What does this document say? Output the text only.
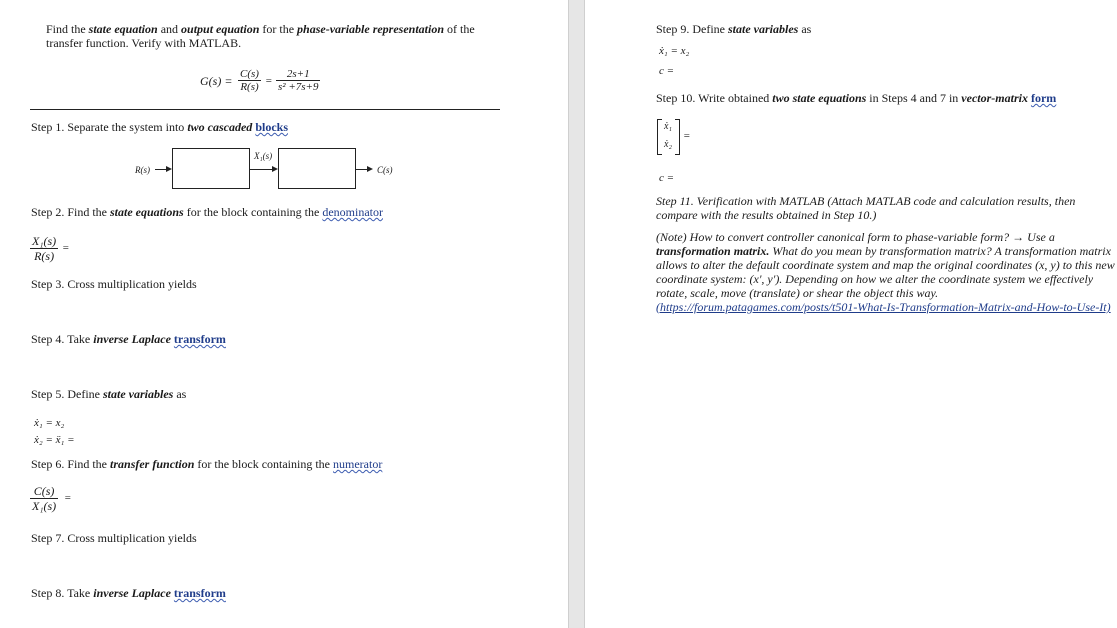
Find the state equation and output equation for the phase-variable representation of the
transfer function. Verify with MATLAB.
$G(s) = \frac{C(s)}{R(s)} = \frac{2s+1}{\text{s² +7s+9}}$
Step 1. Separate the system into two cascaded blocks
R(s)
X₁(s)
C(s)
Step 2. Find the state equations for the block containing the denominator
$\frac{\text{X₁(s)}}{R(s)}$ =
Step 3. Cross multiplication yields
Step 4. Take inverse Laplace transform
Step 5. Define state variables as
ẋ₁ = x₂
ẋ₂ = ẍ₁ =
Step 6. Find the transfer function for the block containing the numerator
$\frac{C(s)}{\text{X₁(s)}}$ =
Step 7. Cross multiplication yields
Step 8. Take inverse Laplace transform
Step 9. Define state variables as
ẋ₁ = x₂
c =
Step 10. Write obtained two state equations in Steps 4 and 7 in vector-matrix form
ẋ₁
ẋ₂
=
c =
Step 11. Verification with MATLAB (Attach MATLAB code and calculation results, then
compare with the results obtained in Step 10.)
(Note) How to convert controller canonical form to phase-variable form? → Use a
transformation matrix. What do you mean by transformation matrix? A transformation matrix
allows to alter the default coordinate system and map the original coordinates (x, y) to this new
coordinate system: (x', y'). Depending on how we alter the coordinate system we effectively
rotate, scale, move (translate) or shear the object this way.
(https://forum.patagames.com/posts/t501-What-Is-Transformation-Matrix-and-How-to-Use-It)
